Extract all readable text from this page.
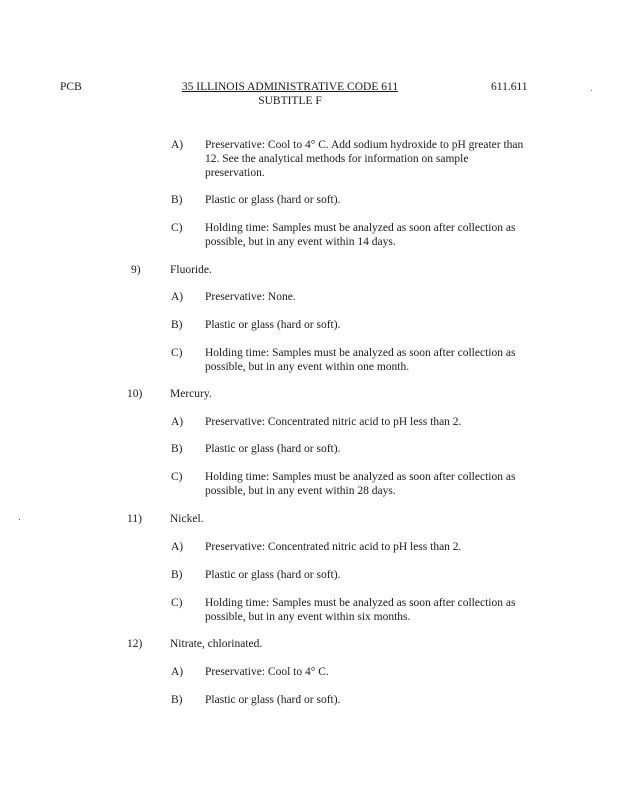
PCB	35 ILLINOIS ADMINISTRATIVE CODE 611
SUBTITLE F
611.611
A) Preservative: Cool to 4° C. Add sodium hydroxide to pH greater than 12. See the analytical methods for information on sample preservation.
B) Plastic or glass (hard or soft).
C) Holding time: Samples must be analyzed as soon after collection as possible, but in any event within 14 days.
9)	Fluoride.
A) Preservative: None.
B) Plastic or glass (hard or soft).
C) Holding time: Samples must be analyzed as soon after collection as possible, but in any event within one month.
10) Mercury.
A) Preservative: Concentrated nitric acid to pH less than 2.
B) Plastic or glass (hard or soft).
C) Holding time: Samples must be analyzed as soon after collection as possible, but in any event within 28 days.
11) Nickel.
A) Preservative: Concentrated nitric acid to pH less than 2.
B) Plastic or glass (hard or soft).
C) Holding time: Samples must be analyzed as soon after collection as possible, but in any event within six months.
12) Nitrate, chlorinated.
A) Preservative: Cool to 4° C.
B) Plastic or glass (hard or soft).
